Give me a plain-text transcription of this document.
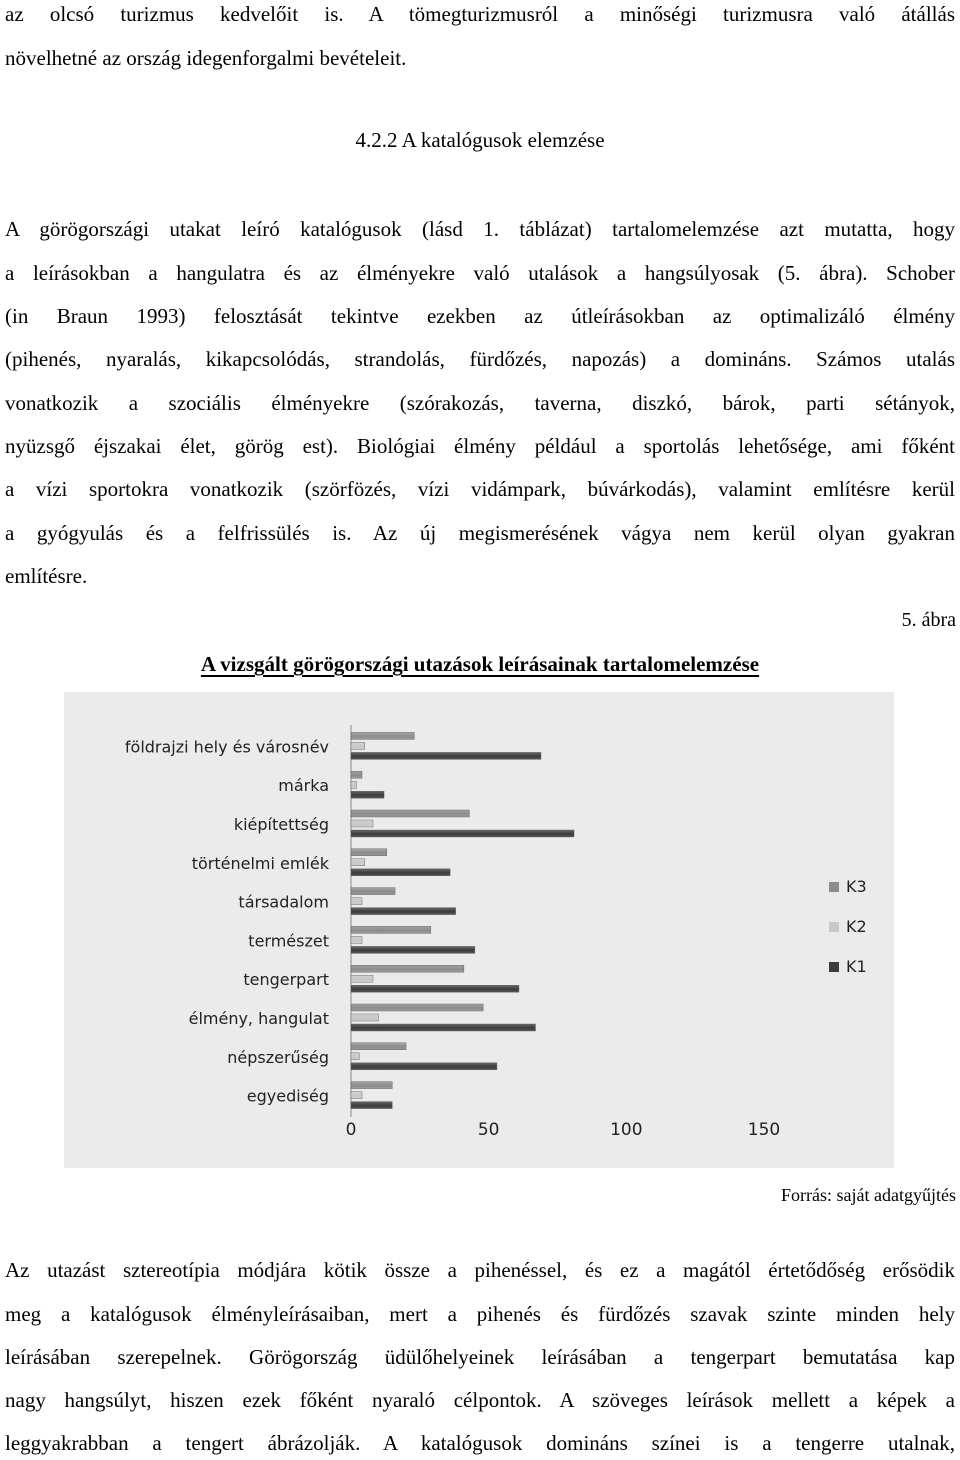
az olcsó turizmus kedvelőit is. A tömegturizmusról a minőségi turizmusra való átállás
növelhetné az ország idegenforgalmi bevételeit.
4.2.2 A katalógusok elemzése
A görögországi utakat leíró katalógusok (lásd 1. táblázat) tartalomelemzése azt mutatta, hogy
a leírásokban a hangulatra és az élményekre való utalások a hangsúlyosak (5. ábra). Schober
(in Braun 1993) felosztását tekintve ezekben az útleírásokban az optimalizáló élmény
(pihenés, nyaralás, kikapcsolódás, strandolás, fürdőzés, napozás) a domináns. Számos utalás
vonatkozik a szociális élményekre (szórakozás, taverna, diszkó, bárok, parti sétányok,
nyüzsgő éjszakai élet, görög est). Biológiai élmény például a sportolás lehetősége, ami főként
a vízi sportokra vonatkozik (szörfözés, vízi vidámpark, búvárkodás), valamint említésre kerül
a gyógyulás és a felfrissülés is. Az új megismerésének vágya nem kerül olyan gyakran
említésre.
5. ábra
A vizsgált görögországi utazások leírásainak tartalomelemzése
földrajzi hely és városnév
márka
kiépítettség
történelmi emlék
társadalom
természet
tengerpart
élmény, hangulat
népszerűség
egyediség
0	50	100	150
K3
K2
K1
Forrás: saját adatgyűjtés
Az utazást sztereotípia módjára kötik össze a pihenéssel, és ez a magától értetődőség erősödik
meg a katalógusok élményleírásaiban, mert a pihenés és fürdőzés szavak szinte minden hely
leírásában szerepelnek. Görögország üdülőhelyeinek leírásában a tengerpart bemutatása kap
nagy hangsúlyt, hiszen ezek főként nyaraló célpontok. A szöveges leírások mellett a képek a
leggyakrabban a tengert ábrázolják. A katalógusok domináns színei is a tengerre utalnak,
